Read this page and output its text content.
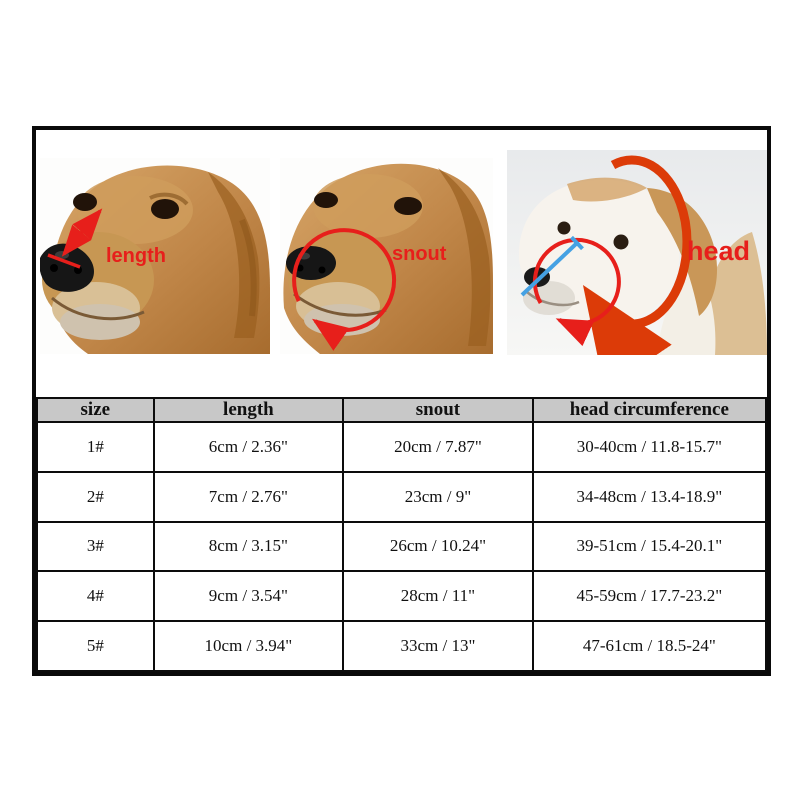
length	snout	head
size	length	snout	head circumference
1#	6cm / 2.36"	20cm / 7.87"	30-40cm / 11.8-15.7"
2#	7cm / 2.76"	23cm / 9"	34-48cm / 13.4-18.9"
3#	8cm / 3.15"	26cm / 10.24"	39-51cm / 15.4-20.1"
4#	9cm / 3.54"	28cm / 11"	45-59cm / 17.7-23.2"
5#	10cm / 3.94"	33cm / 13"	47-61cm / 18.5-24"
